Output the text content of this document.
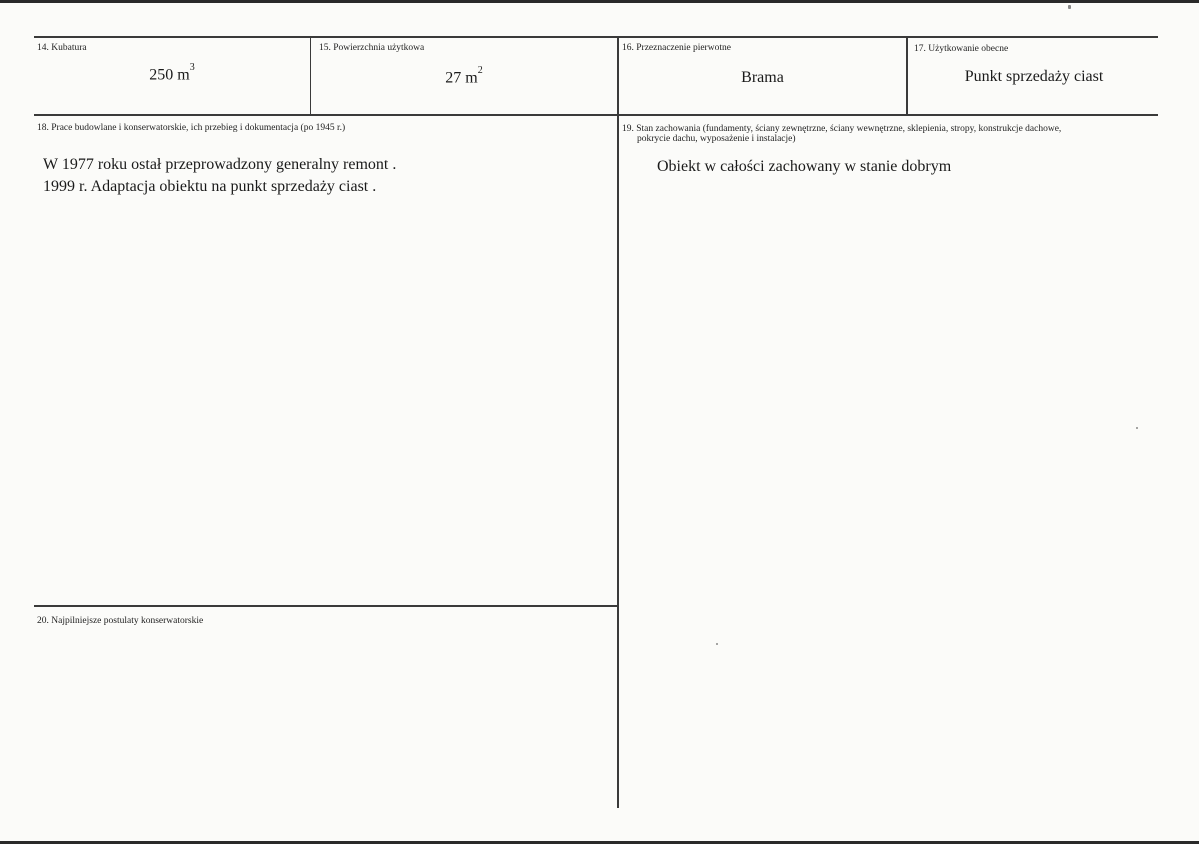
14. Kubatura
250 $m^3$
15. Powierzchnia użytkowa
27 $m^2$
16. Przeznaczenie pierwotne
Brama
17. Użytkowanie obecne
Punkt sprzedaży ciast
18. Prace budowlane i konserwatorskie, ich przebieg i dokumentacja (po 1945 r.)
W 1977 roku ostał przeprowadzony generalny remont .
1999 r. Adaptacja obiektu na punkt sprzedaży ciast .
19. Stan zachowania (fundamenty, ściany zewnętrzne, ściany wewnętrzne, sklepienia, stropy, konstrukcje dachowe,
pokrycie dachu, wyposażenie i instalacje)
Obiekt w całości zachowany w stanie dobrym
20. Najpilniejsze postulaty konserwatorskie
